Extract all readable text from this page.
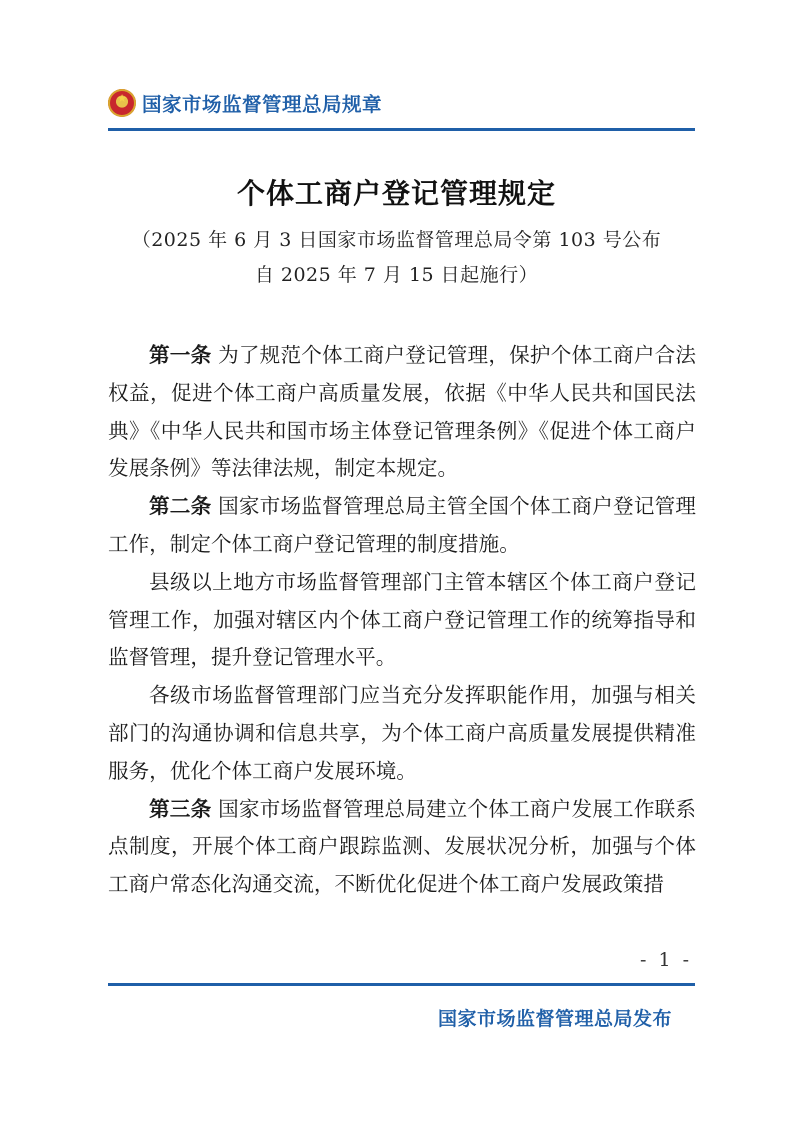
★
国家市场监督管理总局规章
个体工商户登记管理规定
（2025 年 6 月 3 日国家市场监督管理总局令第 103 号公布
自 2025 年 7 月 15 日起施行）

第一条 为了规范个体工商户登记管理，保护个体工商户合法权益，促进个体工商户高质量发展，依据《中华人民共和国民法典》《中华人民共和国市场主体登记管理条例》《促进个体工商户发展条例》等法律法规，制定本规定。

第二条 国家市场监督管理总局主管全国个体工商户登记管理工作，制定个体工商户登记管理的制度措施。

县级以上地方市场监督管理部门主管本辖区个体工商户登记管理工作，加强对辖区内个体工商户登记管理工作的统筹指导和监督管理，提升登记管理水平。

各级市场监督管理部门应当充分发挥职能作用，加强与相关部门的沟通协调和信息共享，为个体工商户高质量发展提供精准服务，优化个体工商户发展环境。

第三条 国家市场监督管理总局建立个体工商户发展工作联系点制度，开展个体工商户跟踪监测、发展状况分析，加强与个体工商户常态化沟通交流，不断优化促进个体工商户发展政策措

- 1 -
国家市场监督管理总局发布
